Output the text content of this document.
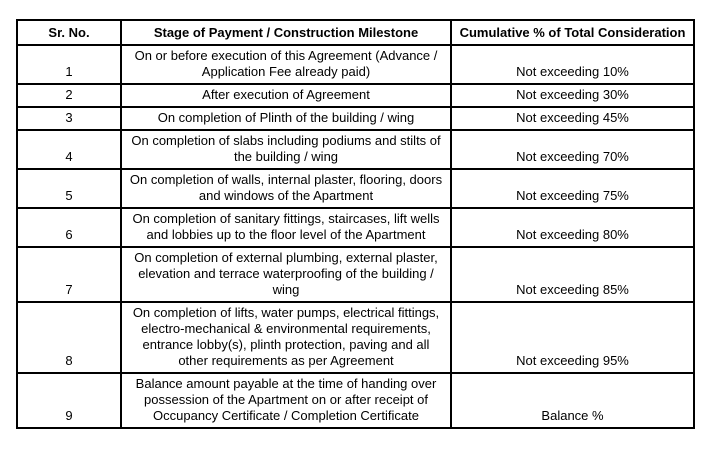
Sr. No.	Stage of Payment / Construction Milestone	Cumulative % of Total Consideration
1	On or before execution of this Agreement (Advance / Application Fee already paid)	Not exceeding 10%
2	After execution of Agreement	Not exceeding 30%
3	On completion of Plinth of the building / wing	Not exceeding 45%
4	On completion of slabs including podiums and stilts of the building / wing	Not exceeding 70%
5	On completion of walls, internal plaster, flooring, doors and windows of the Apartment	Not exceeding 75%
6	On completion of sanitary fittings, staircases, lift wells and lobbies up to the floor level of the Apartment	Not exceeding 80%
7	On completion of external plumbing, external plaster, elevation and terrace waterproofing of the building / wing	Not exceeding 85%
8	On completion of lifts, water pumps, electrical fittings, electro-mechanical & environmental requirements, entrance lobby(s), plinth protection, paving and all other requirements as per Agreement	Not exceeding 95%
9	Balance amount payable at the time of handing over possession of the Apartment on or after receipt of Occupancy Certificate / Completion Certificate	Balance %
